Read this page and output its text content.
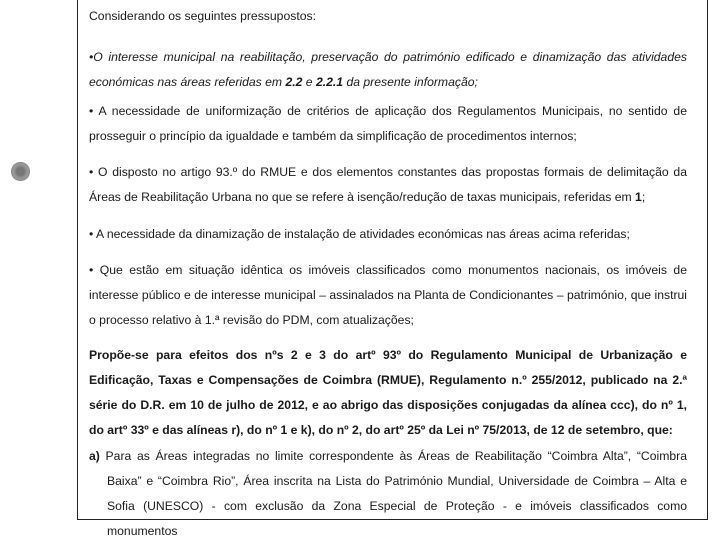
Considerando os seguintes pressupostos:

•O interesse municipal na reabilitação, preservação do património edificado e dinamização das atividades económicas nas áreas referidas em 2.2 e 2.2.1 da presente informação;

• A necessidade de uniformização de critérios de aplicação dos Regulamentos Municipais, no sentido de prosseguir o princípio da igualdade e também da simplificação de procedimentos internos;

• O disposto no artigo 93.º do RMUE e dos elementos constantes das propostas formais de delimitação da Áreas de Reabilitação Urbana no que se refere à isenção/redução de taxas municipais, referidas em 1;

• A necessidade da dinamização de instalação de atividades económicas nas áreas acima referidas;

• Que estão em situação idêntica os imóveis classificados como monumentos nacionais, os imóveis de interesse público e de interesse municipal – assinalados na Planta de Condicionantes – património, que instrui o processo relativo à 1.ª revisão do PDM, com atualizações;

Propõe-se para efeitos dos nºs 2 e 3 do artº 93º do Regulamento Municipal de Urbanização e Edificação, Taxas e Compensações de Coimbra (RMUE), Regulamento n.º 255/2012, publicado na 2.ª série do D.R. em 10 de julho de 2012, e ao abrigo das disposições conjugadas da alínea ccc), do nº 1, do artº 33º e das alíneas r), do nº 1 e k), do nº 2, do artº 25º da Lei nº 75/2013, de 12 de setembro, que:

a) Para as Áreas integradas no limite correspondente às Áreas de Reabilitação “Coimbra Alta”, “Coimbra Baixa” e “Coimbra Rio”, Área inscrita na Lista do Património Mundial, Universidade de Coimbra – Alta e Sofia (UNESCO) - com exclusão da Zona Especial de Proteção - e imóveis classificados como monumentos
